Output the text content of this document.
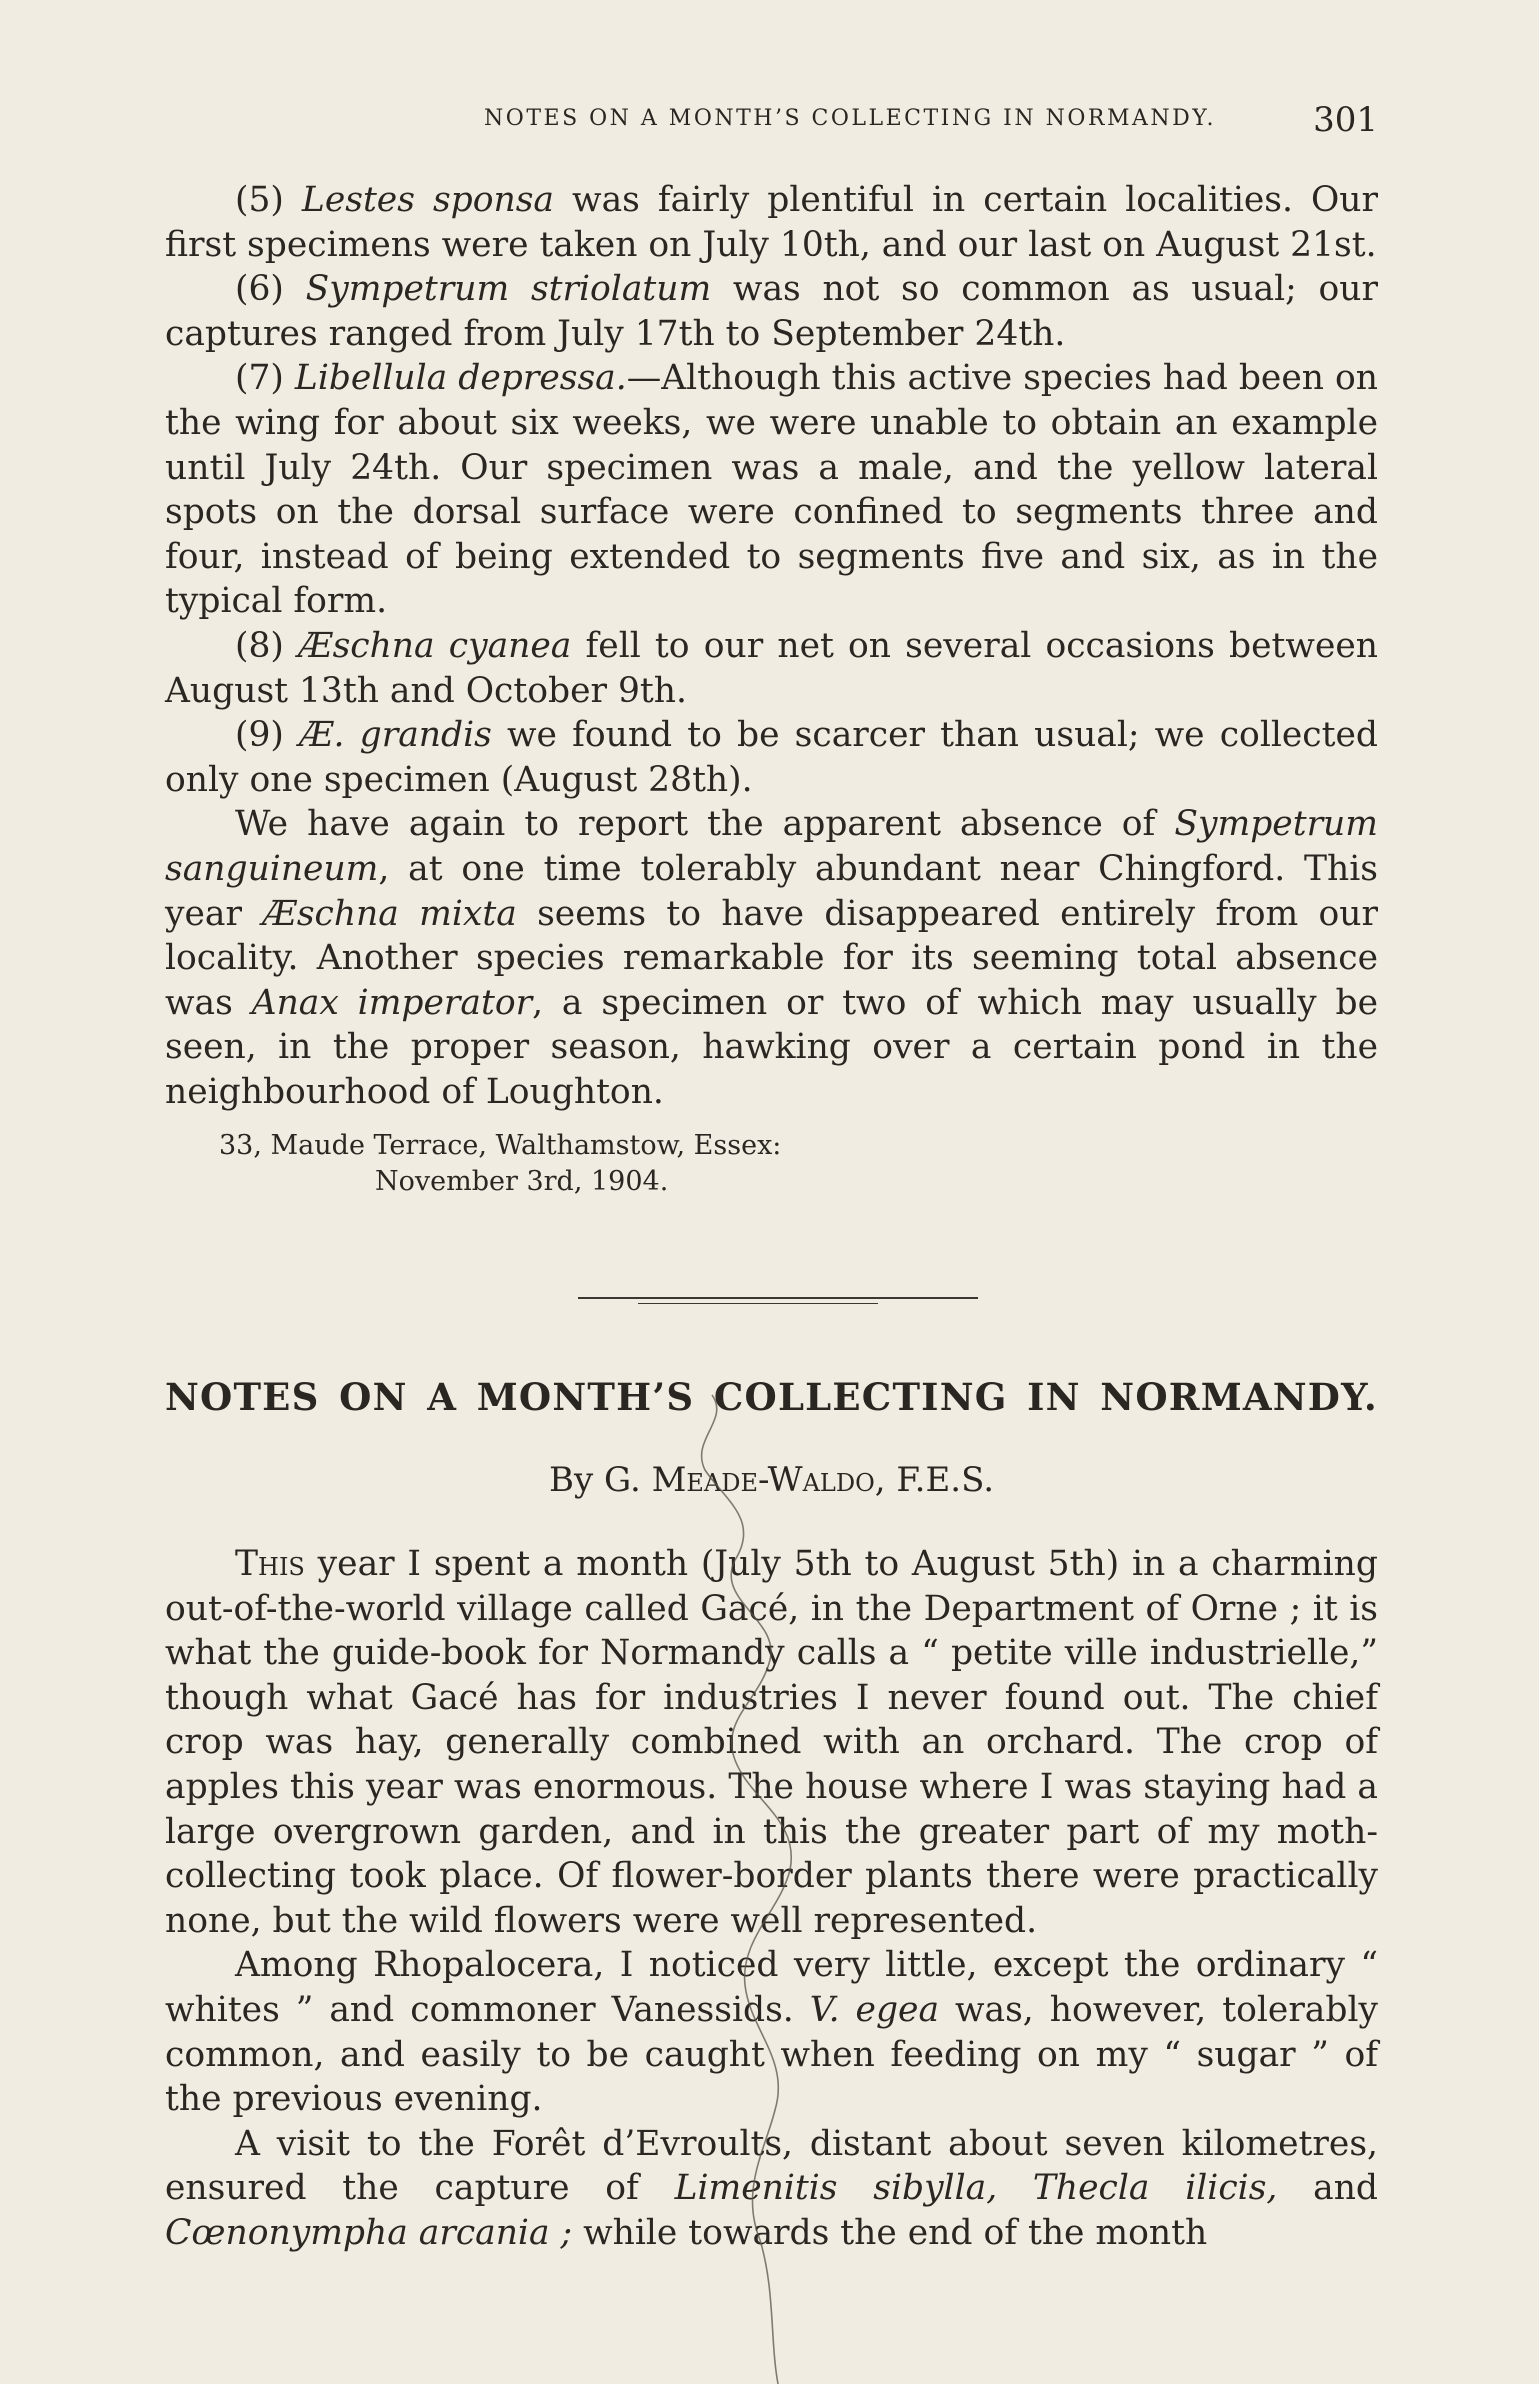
NOTES ON A MONTH’S COLLECTING IN NORMANDY.	301

(5) Lestes sponsa was fairly plentiful in certain localities. Our first specimens were taken on July 10th, and our last on August 21st.

(6) Sympetrum striolatum was not so common as usual; our captures ranged from July 17th to September 24th.

(7) Libellula depressa.—Although this active species had been on the wing for about six weeks, we were unable to obtain an example until July 24th. Our specimen was a male, and the yellow lateral spots on the dorsal surface were confined to segments three and four, instead of being extended to segments five and six, as in the typical form.

(8) Æschna cyanea fell to our net on several occasions between August 13th and October 9th.

(9) Æ. grandis we found to be scarcer than usual; we collected only one specimen (August 28th).

We have again to report the apparent absence of Sympetrum sanguineum, at one time tolerably abundant near Chingford. This year Æschna mixta seems to have disappeared entirely from our locality. Another species remarkable for its seeming total absence was Anax imperator, a specimen or two of which may usually be seen, in the proper season, hawking over a certain pond in the neighbourhood of Loughton.

33, Maude Terrace, Walthamstow, Essex:

November 3rd, 1904.

NOTES ON A MONTH’S COLLECTING IN NORMANDY.

By G. Meade-Waldo, F.E.S.

This year I spent a month (July 5th to August 5th) in a charming out-of-the-world village called Gacé, in the Department of Orne ; it is what the guide-book for Normandy calls a “ petite ville industrielle,” though what Gacé has for industries I never found out. The chief crop was hay, generally combined with an orchard. The crop of apples this year was enormous. The house where I was staying had a large overgrown garden, and in this the greater part of my moth-collecting took place. Of flower-border plants there were practically none, but the wild flowers were well represented.

Among Rhopalocera, I noticed very little, except the ordinary “ whites ” and commoner Vanessids. V. egea was, however, tolerably common, and easily to be caught when feeding on my “ sugar ” of the previous evening.

A visit to the Forêt d’Evroults, distant about seven kilometres, ensured the capture of Limenitis sibylla, Thecla ilicis, and Cœnonympha arcania ; while towards the end of the month
